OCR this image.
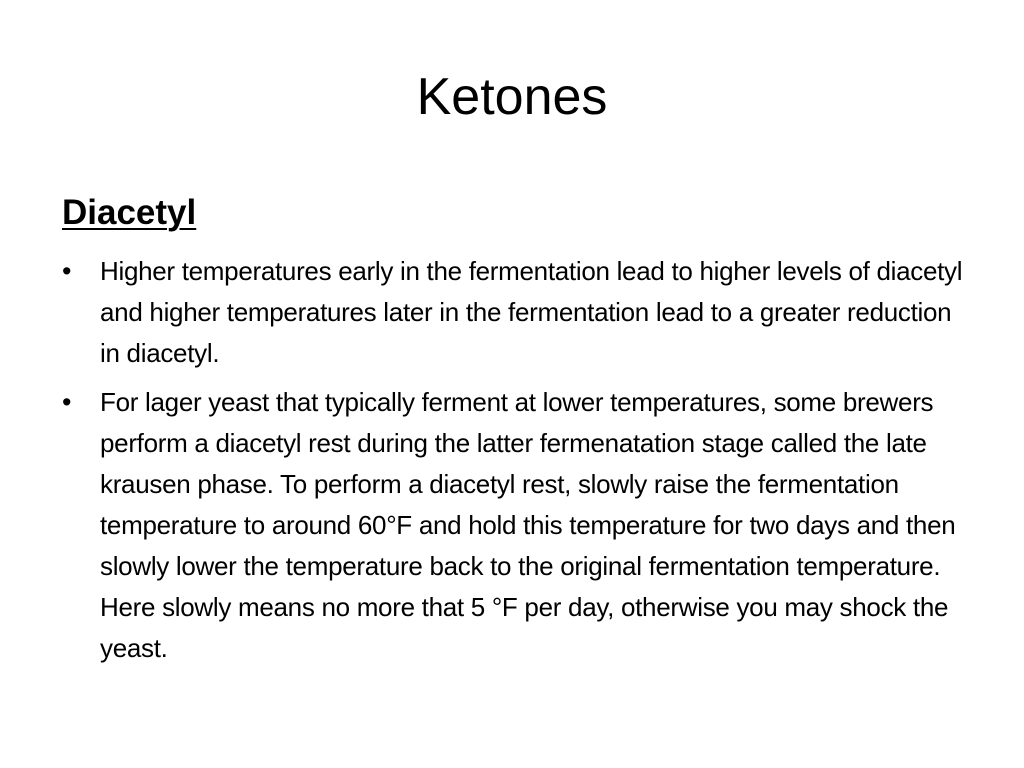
Ketones
Diacetyl
•	Higher temperatures early in the fermentation lead to higher levels of diacetyl and higher temperatures later in the fermentation lead to a greater reduction in diacetyl.
•	For lager yeast that typically ferment at lower temperatures, some brewers perform a diacetyl rest during the latter fermenatation stage called the late krausen phase. To perform a diacetyl rest, slowly raise the fermentation temperature to around 60°F and hold this temperature for two days and then slowly lower the temperature back to the original fermentation temperature. Here slowly means no more that 5 °F per day, otherwise you may shock the yeast.
